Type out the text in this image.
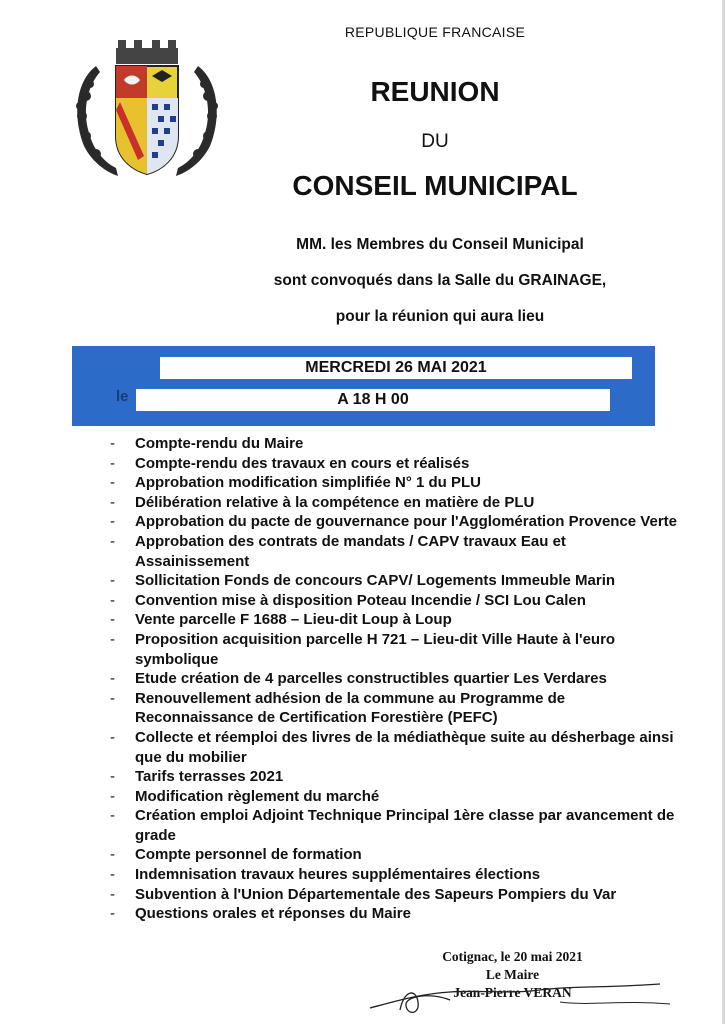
REPUBLIQUE FRANCAISE
REUNION
DU
CONSEIL MUNICIPAL
MM. les Membres du Conseil Municipal
sont convoqués dans la Salle du GRAINAGE,
pour la réunion qui aura lieu
MERCREDI 26 MAI 2021
le	A 18 H 00
- Compte-rendu du Maire
- Compte-rendu des travaux en cours et réalisés
- Approbation modification simplifiée N° 1 du PLU
- Délibération relative à la compétence en matière de PLU
- Approbation du pacte de gouvernance pour l'Agglomération Provence Verte
- Approbation des contrats de mandats / CAPV travaux Eau et Assainissement
- Sollicitation Fonds de concours CAPV/ Logements Immeuble Marin
- Convention mise à disposition Poteau Incendie / SCI Lou Calen
- Vente parcelle F 1688 – Lieu-dit Loup à Loup
- Proposition acquisition parcelle H 721 – Lieu-dit Ville Haute à l'euro symbolique
- Etude création de 4 parcelles constructibles quartier Les Verdares
- Renouvellement adhésion de la commune au Programme de Reconnaissance de Certification Forestière (PEFC)
- Collecte et réemploi des livres de la médiathèque suite au désherbage ainsi que du mobilier
- Tarifs terrasses 2021
- Modification règlement du marché
- Création emploi Adjoint Technique Principal 1ère classe par avancement de grade
- Compte personnel de formation
- Indemnisation travaux heures supplémentaires élections
- Subvention à l'Union Départementale des Sapeurs Pompiers du Var
- Questions orales et réponses du Maire
Cotignac, le 20 mai 2021
Le Maire
Jean-Pierre VERAN
